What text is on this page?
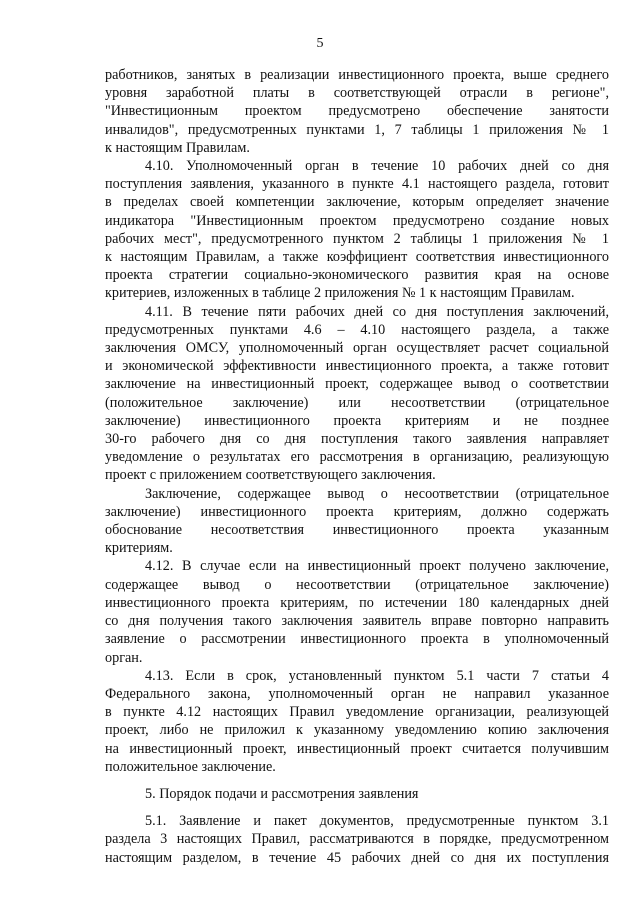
5

работников, занятых в реализации инвестиционного проекта, выше среднего

уровня заработной платы в соответствующей отрасли в регионе",

"Инвестиционным проектом предусмотрено обеспечение занятости

инвалидов", предусмотренных пунктами 1, 7 таблицы 1 приложения № 1

к настоящим Правилам.

4.10. Уполномоченный орган в течение 10 рабочих дней со дня

поступления заявления, указанного в пункте 4.1 настоящего раздела, готовит

в пределах своей компетенции заключение, которым определяет значение

индикатора "Инвестиционным проектом предусмотрено создание новых

рабочих мест", предусмотренного пунктом 2 таблицы 1 приложения № 1

к настоящим Правилам, а также коэффициент соответствия инвестиционного

проекта стратегии социально-экономического развития края на основе

критериев, изложенных в таблице 2 приложения № 1 к настоящим Правилам.

4.11. В течение пяти рабочих дней со дня поступления заключений,

предусмотренных пунктами 4.6 – 4.10 настоящего раздела, а также

заключения ОМСУ, уполномоченный орган осуществляет расчет социальной

и экономической эффективности инвестиционного проекта, а также готовит

заключение на инвестиционный проект, содержащее вывод о соответствии

(положительное заключение) или несоответствии (отрицательное

заключение) инвестиционного проекта критериям и не позднее

30-го рабочего дня со дня поступления такого заявления направляет

уведомление о результатах его рассмотрения в организацию, реализующую

проект с приложением соответствующего заключения.

Заключение, содержащее вывод о несоответствии (отрицательное

заключение) инвестиционного проекта критериям, должно содержать

обоснование несоответствия инвестиционного проекта указанным

критериям.

4.12. В случае если на инвестиционный проект получено заключение,

содержащее вывод о несоответствии (отрицательное заключение)

инвестиционного проекта критериям, по истечении 180 календарных дней

со дня получения такого заключения заявитель вправе повторно направить

заявление о рассмотрении инвестиционного проекта в уполномоченный

орган.

4.13. Если в срок, установленный пунктом 5.1 части 7 статьи 4

Федерального закона, уполномоченный орган не направил указанное

в пункте 4.12 настоящих Правил уведомление организации, реализующей

проект, либо не приложил к указанному уведомлению копию заключения

на инвестиционный проект, инвестиционный проект считается получившим

положительное заключение.

5. Порядок подачи и рассмотрения заявления

5.1. Заявление и пакет документов, предусмотренные пунктом 3.1

раздела 3 настоящих Правил, рассматриваются в порядке, предусмотренном

настоящим разделом, в течение 45 рабочих дней со дня их поступления
